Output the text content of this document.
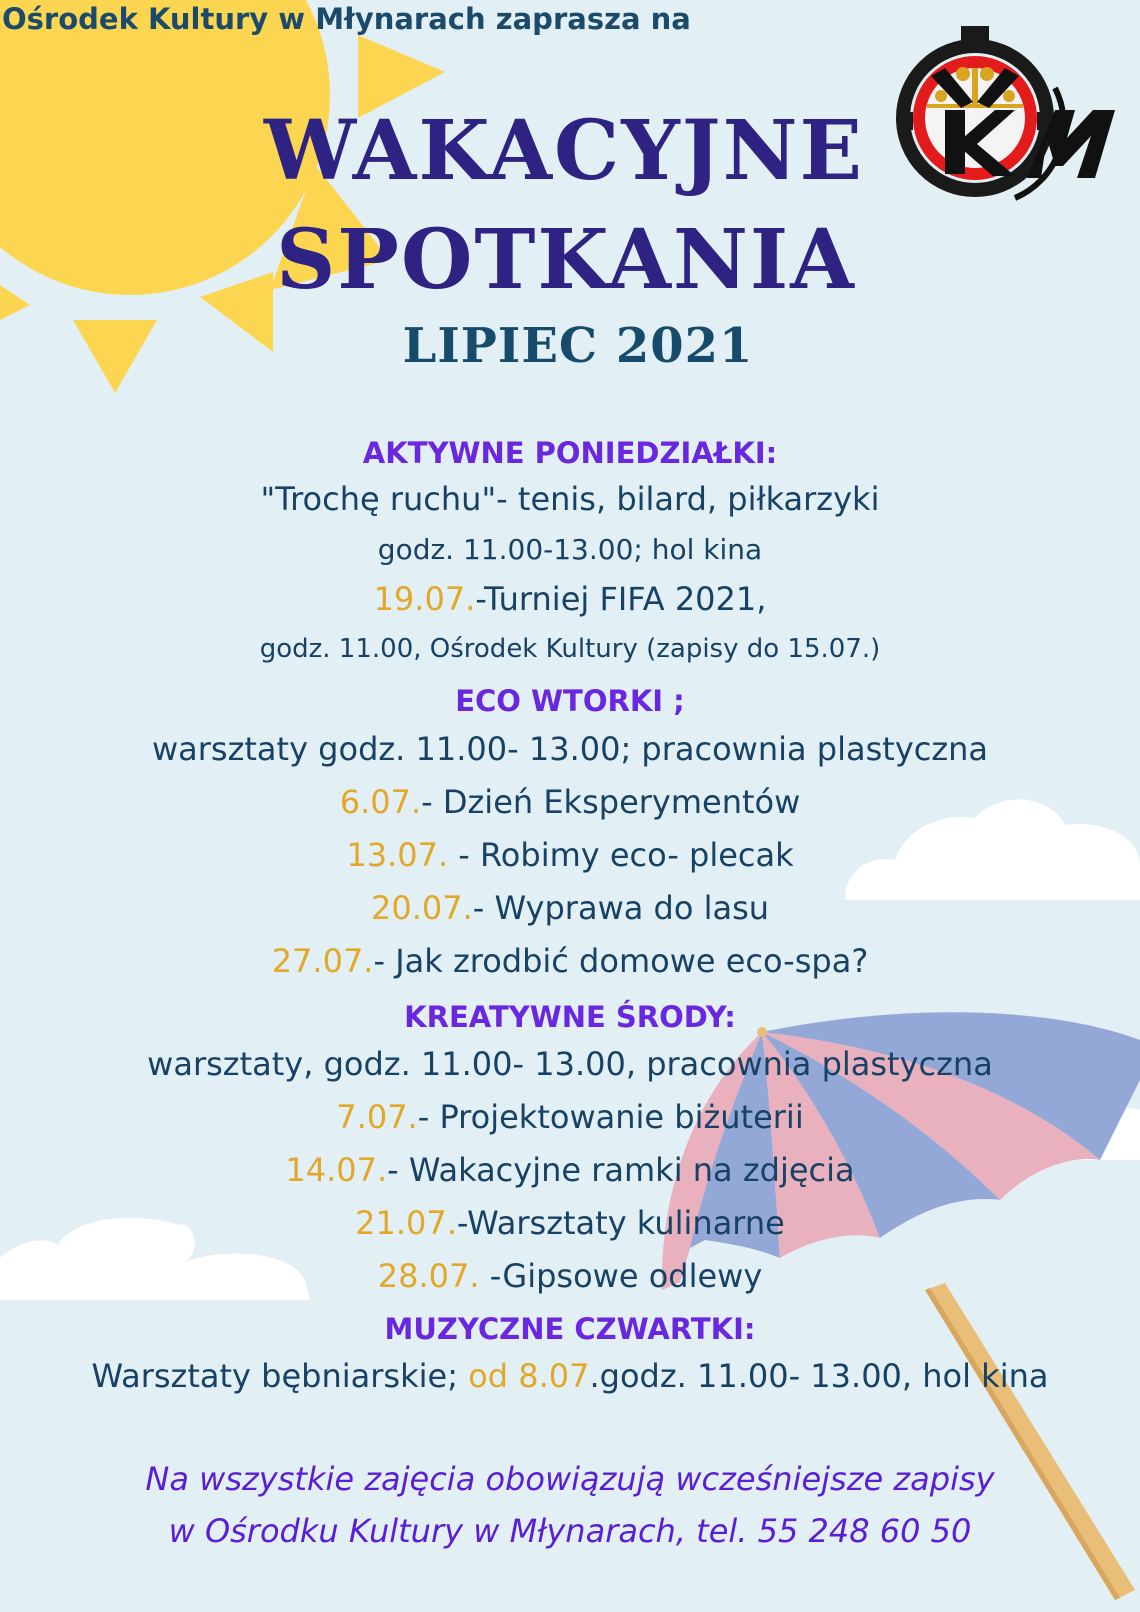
Ośrodek Kultury w Młynarach zaprasza na
WAKACYJNE
SPOTKANIA
LIPIEC 2021
AKTYWNE PONIEDZIAŁKI:
"Trochę ruchu"- tenis, bilard, piłkarzyki
godz. 11.00-13.00; hol kina
19.07.-Turniej FIFA 2021,
godz. 11.00, Ośrodek Kultury (zapisy do 15.07.)
ECO WTORKI ;
warsztaty godz. 11.00- 13.00; pracownia plastyczna
6.07.- Dzień Eksperymentów
13.07. - Robimy eco- plecak
20.07.- Wyprawa do lasu
27.07.- Jak zrodbić domowe eco-spa?
KREATYWNE ŚRODY:
warsztaty, godz. 11.00- 13.00, pracownia plastyczna
7.07.- Projektowanie biżuterii
14.07.- Wakacyjne ramki na zdjęcia
21.07.-Warsztaty kulinarne
28.07. -Gipsowe odlewy
MUZYCZNE CZWARTKI:
Warsztaty bębniarskie; od 8.07.godz. 11.00- 13.00, hol kina
Na wszystkie zajęcia obowiązują wcześniejsze zapisy
w Ośrodku Kultury w Młynarach, tel. 55 248 60 50
